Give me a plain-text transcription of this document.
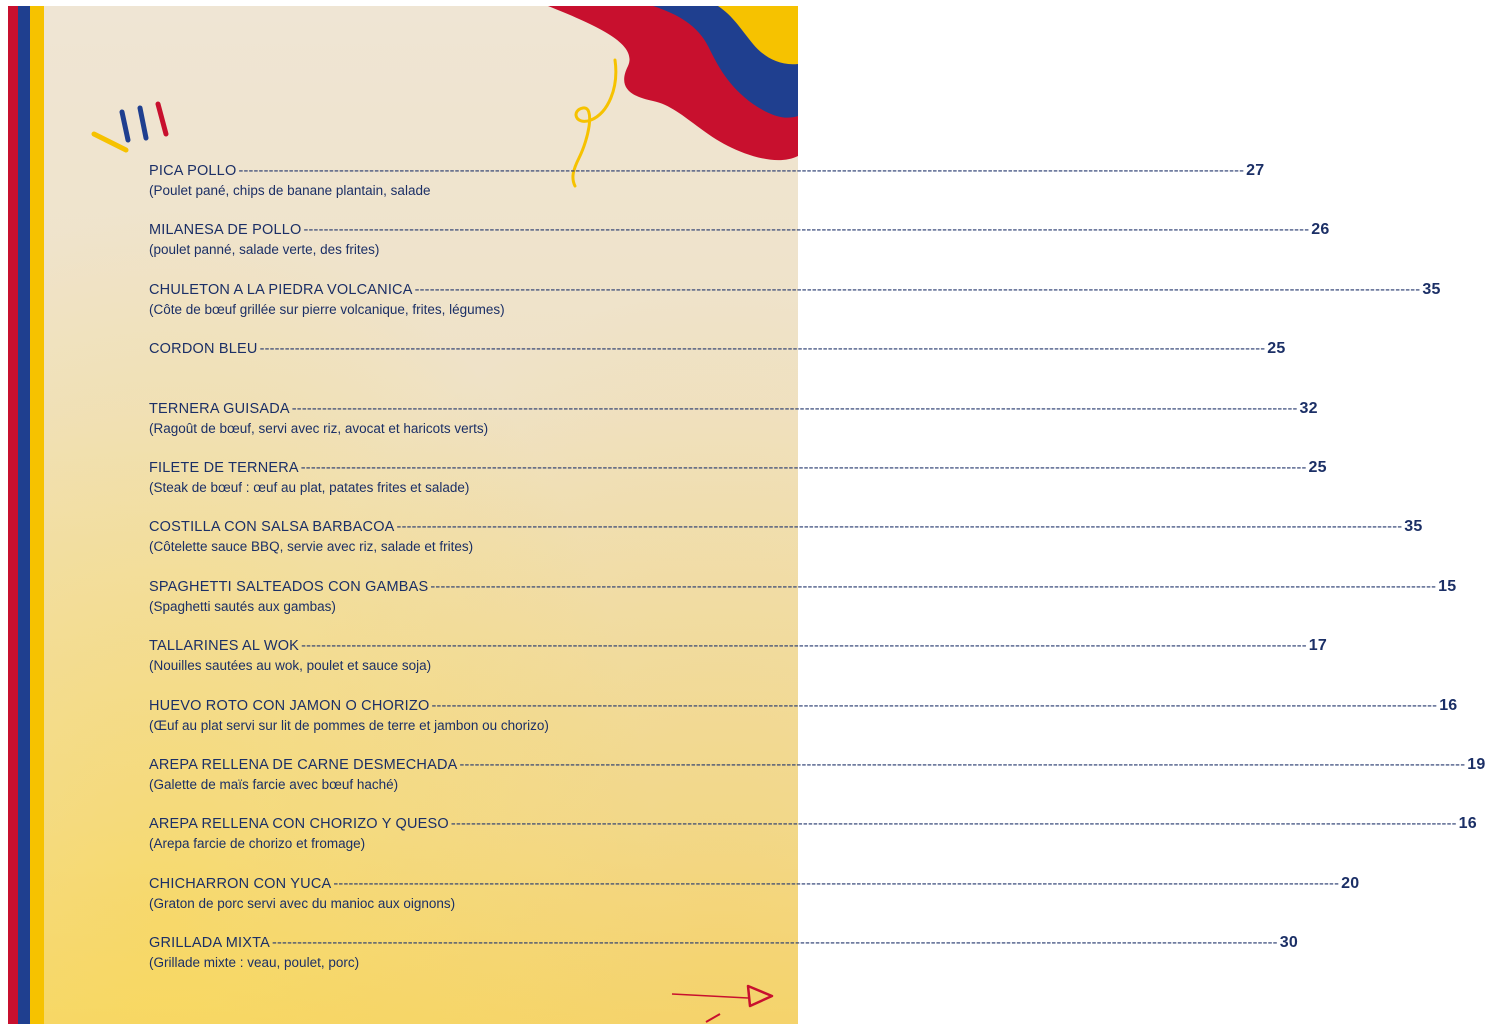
PICA POLLO -------------------------------------------------------------------------------------------------------------------------------------------------------------------------------------------------------- 27
(Poulet pané, chips de banane plantain, salade
MILANESA DE POLLO -------------------------------------------------------------------------------------------------------------------------------------------------------------------------------------------------------- 26
(poulet panné, salade verte, des frites)
CHULETON A LA PIEDRA VOLCANICA -------------------------------------------------------------------------------------------------------------------------------------------------------------------------------------------------------- 35
(Côte de bœuf grillée sur pierre volcanique, frites, légumes)
CORDON BLEU -------------------------------------------------------------------------------------------------------------------------------------------------------------------------------------------------------- 25
TERNERA GUISADA -------------------------------------------------------------------------------------------------------------------------------------------------------------------------------------------------------- 32
(Ragoût de bœuf, servi avec riz, avocat et haricots verts)
FILETE DE TERNERA -------------------------------------------------------------------------------------------------------------------------------------------------------------------------------------------------------- 25
(Steak de bœuf : œuf au plat, patates frites et salade)
COSTILLA CON SALSA BARBACOA -------------------------------------------------------------------------------------------------------------------------------------------------------------------------------------------------------- 35
(Côtelette sauce BBQ, servie avec riz, salade et frites)
SPAGHETTI SALTEADOS CON GAMBAS -------------------------------------------------------------------------------------------------------------------------------------------------------------------------------------------------------- 15
(Spaghetti sautés aux gambas)
TALLARINES AL WOK -------------------------------------------------------------------------------------------------------------------------------------------------------------------------------------------------------- 17
(Nouilles sautées au wok, poulet et sauce soja)
HUEVO ROTO CON JAMON O CHORIZO -------------------------------------------------------------------------------------------------------------------------------------------------------------------------------------------------------- 16
(Œuf au plat servi sur lit de pommes de terre et jambon ou chorizo)
AREPA RELLENA DE CARNE DESMECHADA -------------------------------------------------------------------------------------------------------------------------------------------------------------------------------------------------------- 19
(Galette de maïs farcie avec bœuf haché)
AREPA RELLENA CON CHORIZO Y QUESO -------------------------------------------------------------------------------------------------------------------------------------------------------------------------------------------------------- 16
(Arepa farcie de chorizo et fromage)
CHICHARRON CON YUCA -------------------------------------------------------------------------------------------------------------------------------------------------------------------------------------------------------- 20
(Graton de porc servi avec du manioc aux oignons)
GRILLADA MIXTA -------------------------------------------------------------------------------------------------------------------------------------------------------------------------------------------------------- 30
(Grillade mixte : veau, poulet, porc)
